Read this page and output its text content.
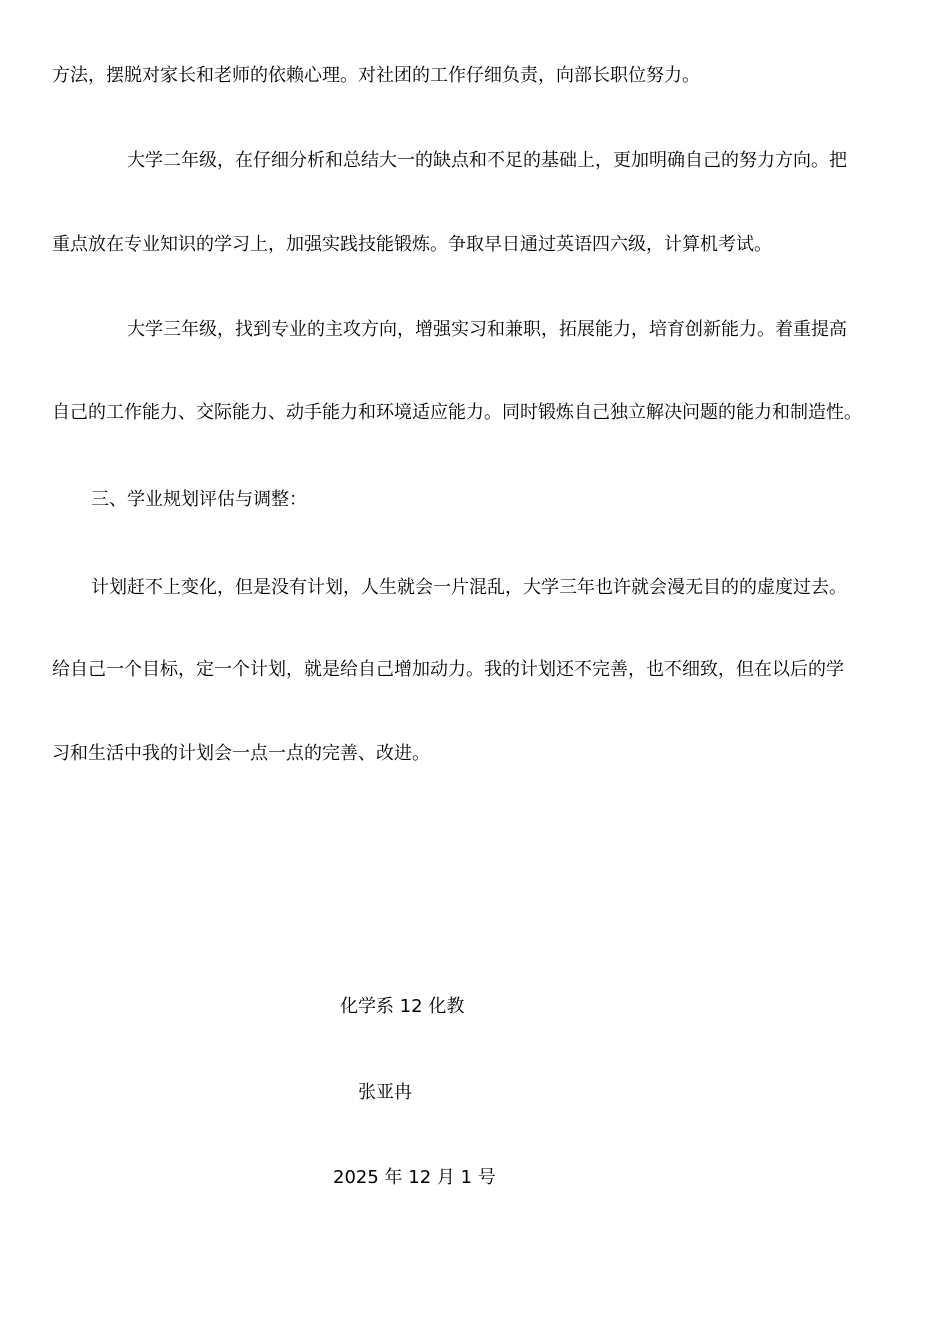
方法，摆脱对家长和老师的依赖心理。对社团的工作仔细负责，向部长职位努力。
大学二年级，在仔细分析和总结大一的缺点和不足的基础上，更加明确自己的努力方向。把
重点放在专业知识的学习上，加强实践技能锻炼。争取早日通过英语四六级，计算机考试。
大学三年级，找到专业的主攻方向，增强实习和兼职，拓展能力，培育创新能力。着重提高
自己的工作能力、交际能力、动手能力和环境适应能力。同时锻炼自己独立解决问题的能力和制造性。
三、学业规划评估与调整：
计划赶不上变化，但是没有计划，人生就会一片混乱，大学三年也许就会漫无目的的虚度过去。
给自己一个目标，定一个计划，就是给自己增加动力。我的计划还不完善，也不细致，但在以后的学
习和生活中我的计划会一点一点的完善、改进。
化学系 12 化教
张亚冉
2025 年 12 月 1 号
